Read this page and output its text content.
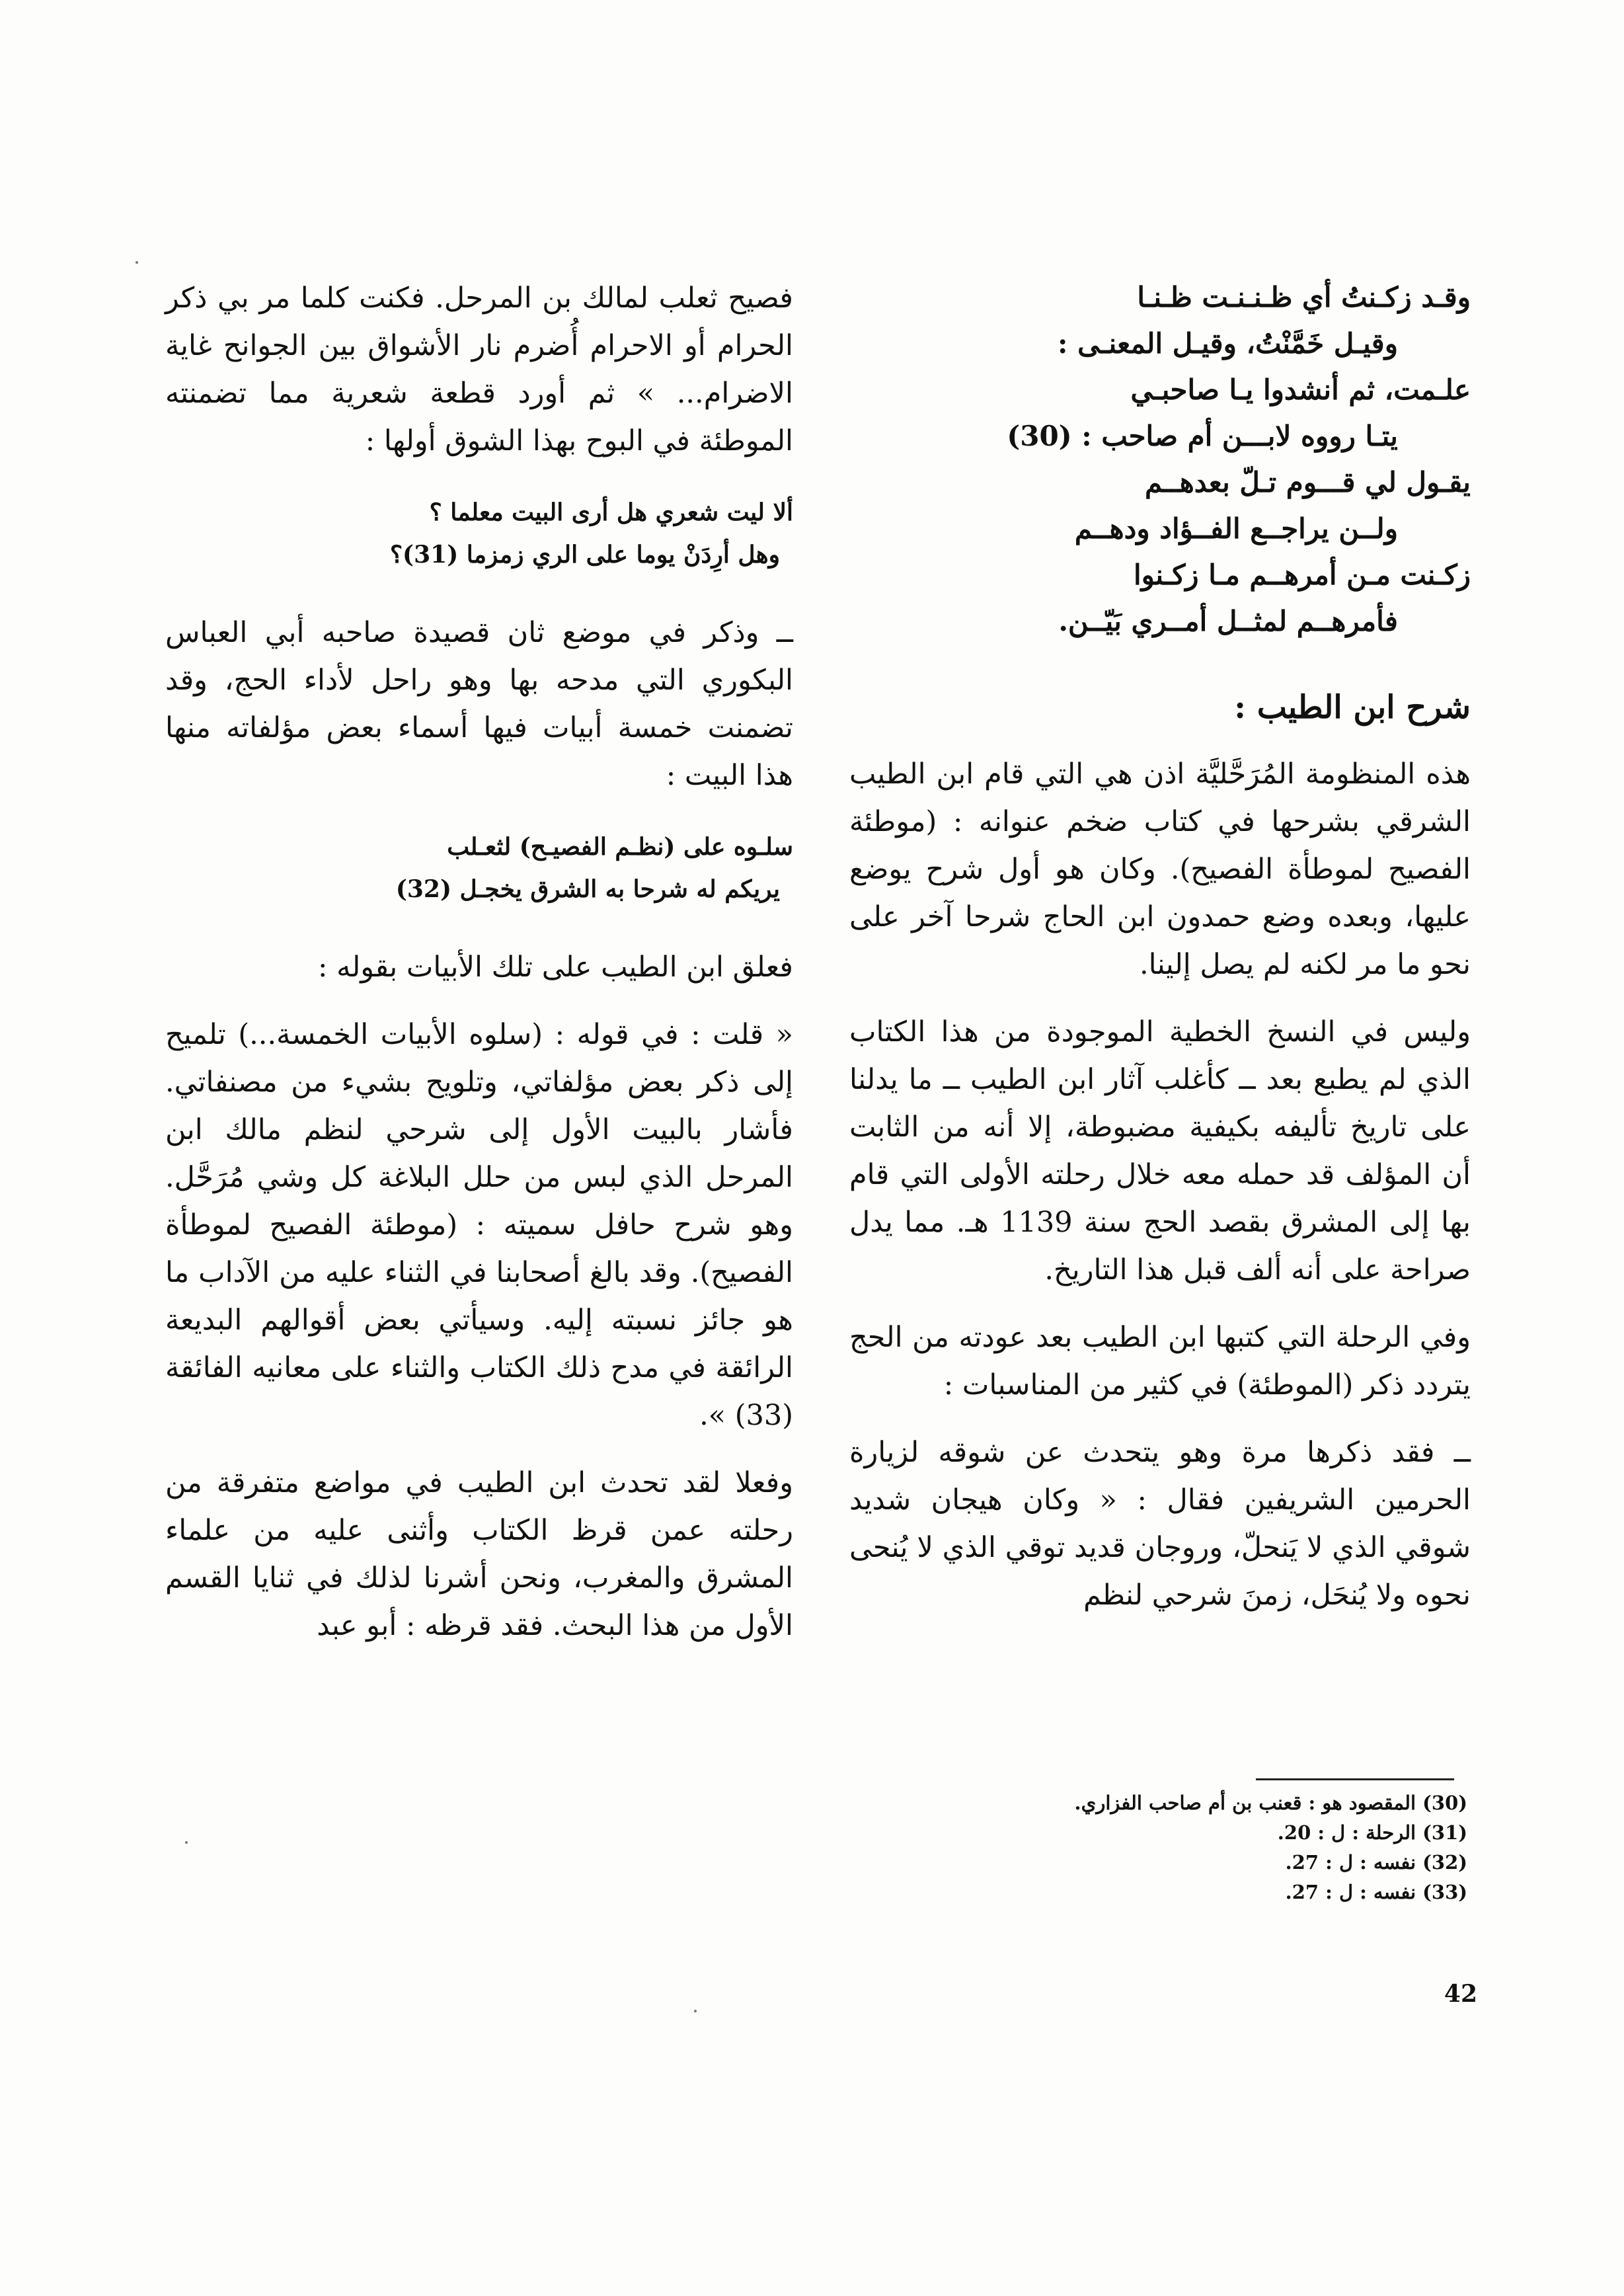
وقـد زكـنتُ أي ظـنـنـت ظـنـا
وقيـل خَمَّنْتُ، وقيـل المعنـى :
علـمت، ثم أنشدوا يـا صاحبـي
يتـا رووه لابـــن أم صاحب : (30)
يقـول لي قـــوم تـلّ بعدهــم
ولــن يراجــع الفــؤاد ودهــم
زكـنت مـن أمرهــم مـا زكـنوا
فأمرهــم لمثــل أمــري بَيّــن.
شرح ابن الطيب :

هذه المنظومة المُرَحَّليَّة اذن هي التي قام ابن الطيب الشرقي بشرحها في كتاب ضخم عنوانه : (موطئة الفصيح لموطأة الفصيح). وكان هو أول شرح يوضع عليها، وبعده وضع حمدون ابن الحاج شرحا آخر على نحو ما مر لكنه لم يصل إلينا.

وليس في النسخ الخطية الموجودة من هذا الكتاب الذي لم يطبع بعد ــ كأغلب آثار ابن الطيب ــ ما يدلنا على تاريخ تأليفه بكيفية مضبوطة، إلا أنه من الثابت أن المؤلف قد حمله معه خلال رحلته الأولى التي قام بها إلى المشرق بقصد الحج سنة 1139 هـ. مما يدل صراحة على أنه ألف قبل هذا التاريخ.

وفي الرحلة التي كتبها ابن الطيب بعد عودته من الحج يتردد ذكر (الموطئة) في كثير من المناسبات :

ــ فقد ذكرها مرة وهو يتحدث عن شوقه لزيارة الحرمين الشريفين فقال : « وكان هيجان شديد شوقي الذي لا يَنحلّ، وروجان قديد توقي الذي لا يُنحى نحوه ولا يُنحَل، زمنَ شرحي لنظم

فصيح ثعلب لمالك بن المرحل. فكنت كلما مر بي ذكر الحرام أو الاحرام أُضرم نار الأشواق بين الجوانح غاية الاضرام... » ثم أورد قطعة شعرية مما تضمنته الموطئة في البوح بهذا الشوق أولها :

ألا ليت شعري هل أرى البيت معلما ؟
وهل أرِدَنْ يوما على الري زمزما (31)؟

ــ وذكر في موضع ثان قصيدة صاحبه أبي العباس البكوري التي مدحه بها وهو راحل لأداء الحج، وقد تضمنت خمسة أبيات فيها أسماء بعض مؤلفاته منها هذا البيت :

سلـوه على (نظـم الفصيـح) لثعـلب
يريكم له شرحا به الشرق يخجـل (32)

فعلق ابن الطيب على تلك الأبيات بقوله :

« قلت : في قوله : (سلوه الأبيات الخمسة...) تلميح إلى ذكر بعض مؤلفاتي، وتلويح بشيء من مصنفاتي. فأشار بالبيت الأول إلى شرحي لنظم مالك ابن المرحل الذي لبس من حلل البلاغة كل وشي مُرَحَّل. وهو شرح حافل سميته : (موطئة الفصيح لموطأة الفصيح). وقد بالغ أصحابنا في الثناء عليه من الآداب ما هو جائز نسبته إليه. وسيأتي بعض أقوالهم البديعة الرائقة في مدح ذلك الكتاب والثناء على معانيه الفائقة (33) ».

وفعلا لقد تحدث ابن الطيب في مواضع متفرقة من رحلته عمن قرظ الكتاب وأثنى عليه من علماء المشرق والمغرب، ونحن أشرنا لذلك في ثنايا القسم الأول من هذا البحث. فقد قرظه : أبو عبد

(30) المقصود هو : قعنب بن أم صاحب الفزاري.
(31) الرحلة : ل : 20.
(32) نفسه : ل : 27.
(33) نفسه : ل : 27.
42
